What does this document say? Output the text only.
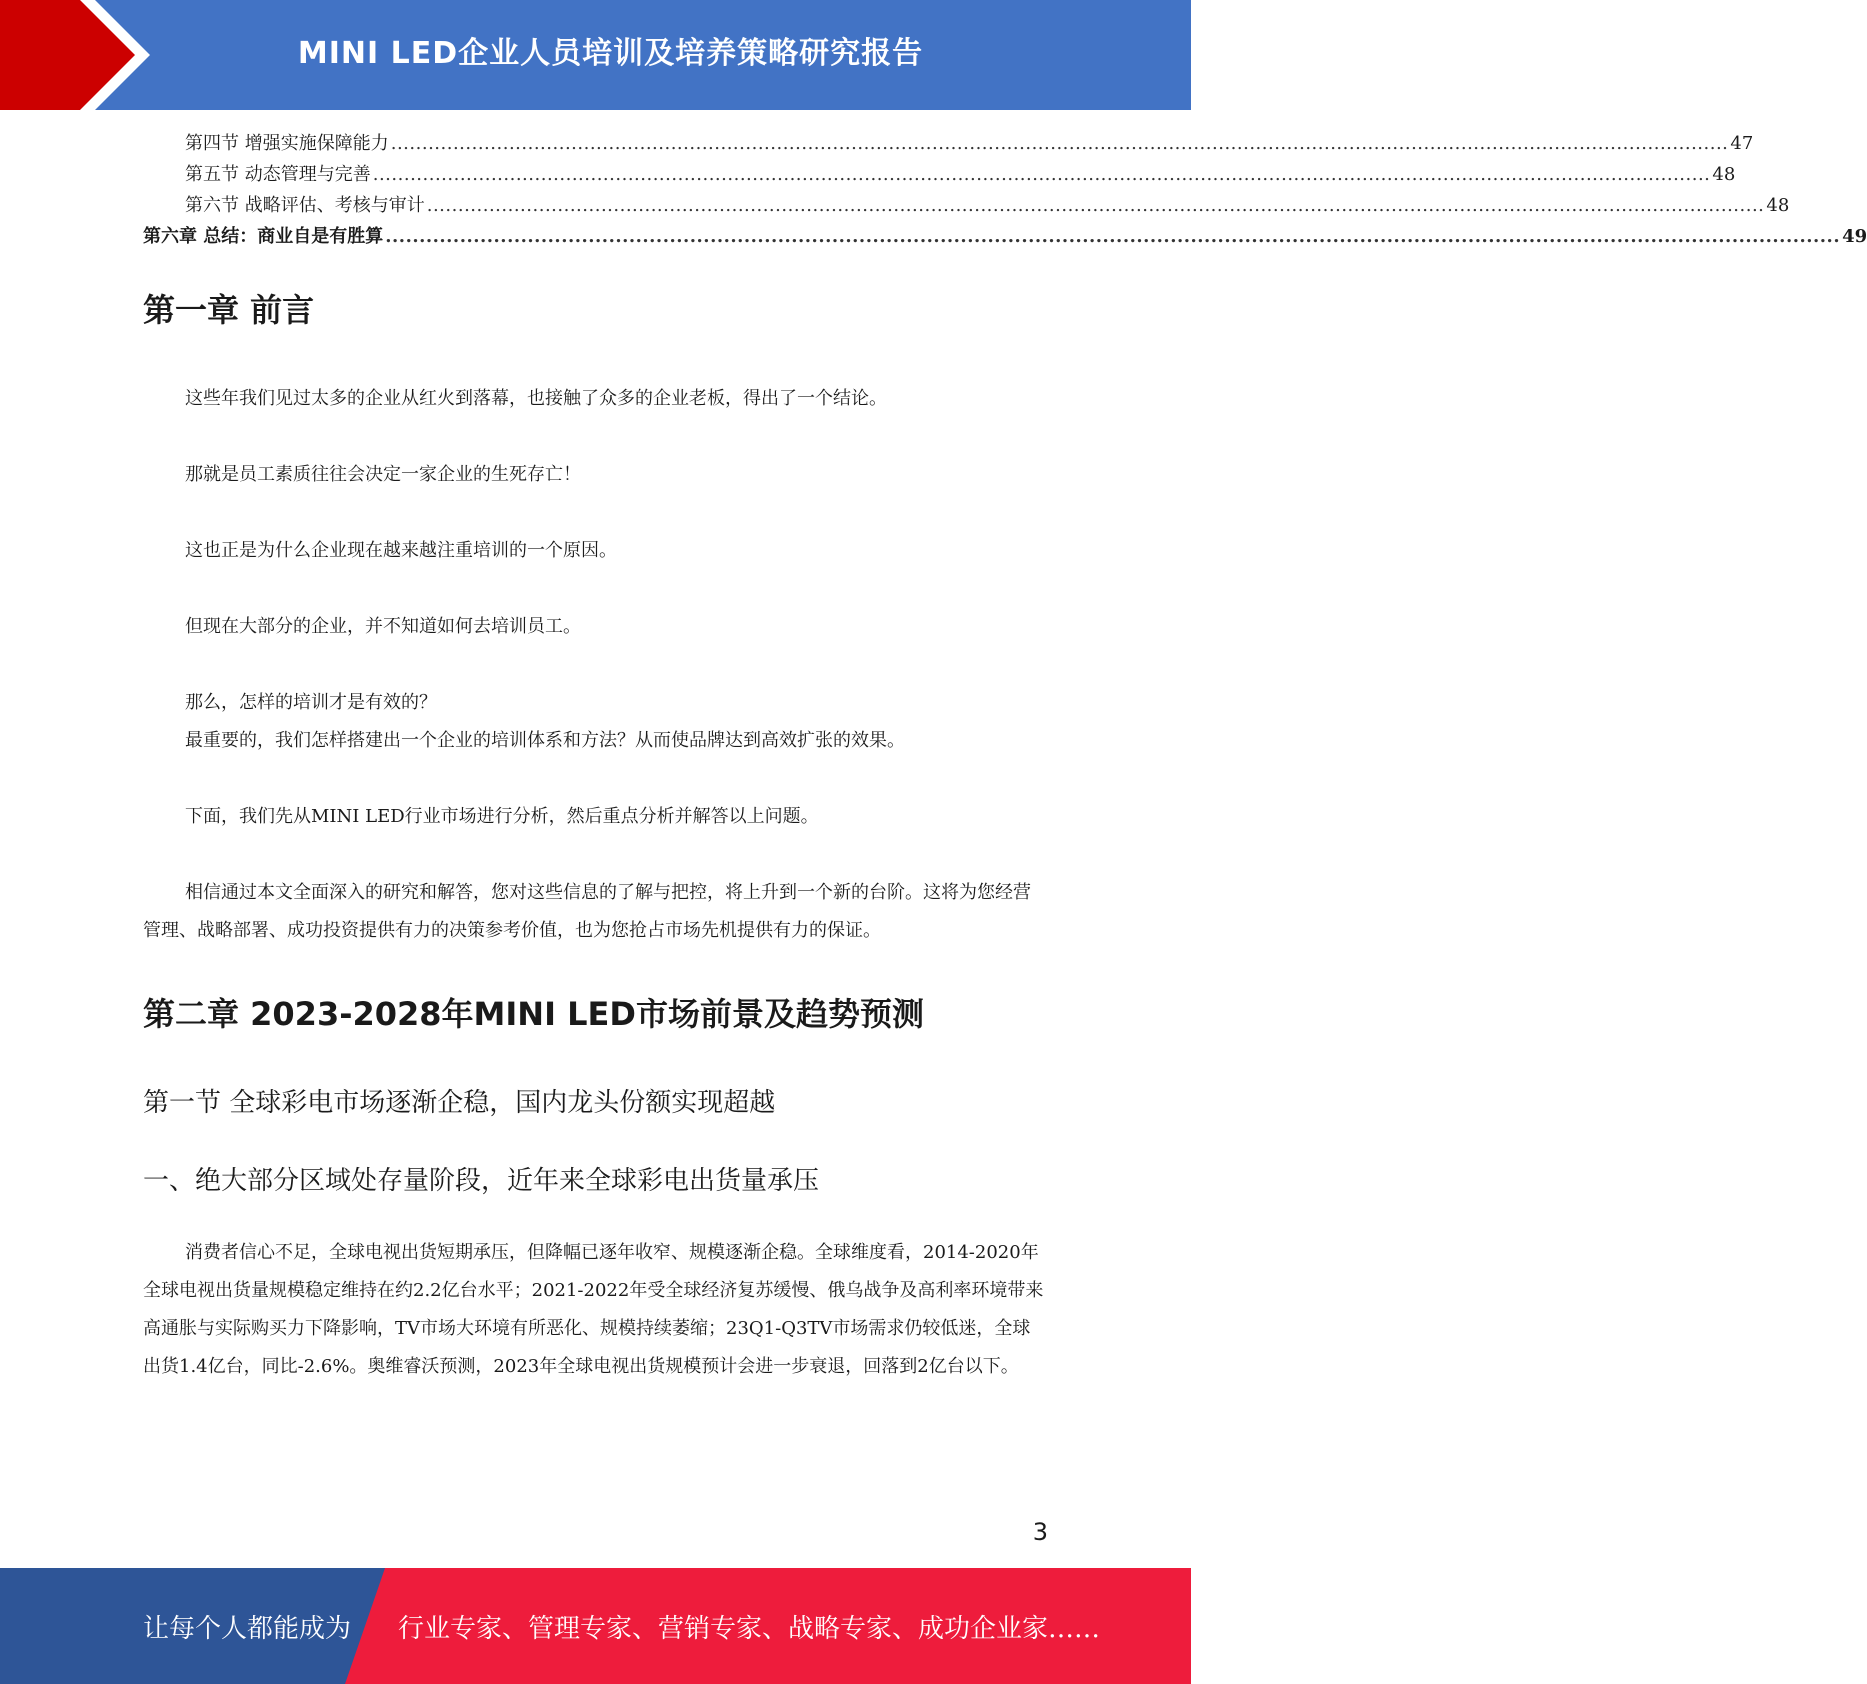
MINI LED企业人员培训及培养策略研究报告
第四节 增强实施保障能力 ....................................................................................................................................................................................................................... 47
第五节 动态管理与完善 ....................................................................................................................................................................................................................... 48
第六节 战略评估、考核与审计 ....................................................................................................................................................................................................................... 48
第六章 总结：商业自是有胜算 ....................................................................................................................................................................................................................... 49
第一章 前言

这些年我们见过太多的企业从红火到落幕，也接触了众多的企业老板，得出了一个结论。

那就是员工素质往往会决定一家企业的生死存亡！

这也正是为什么企业现在越来越注重培训的一个原因。

但现在大部分的企业，并不知道如何去培训员工。

那么，怎样的培训才是有效的？

最重要的，我们怎样搭建出一个企业的培训体系和方法？从而使品牌达到高效扩张的效果。

下面，我们先从MINI LED行业市场进行分析，然后重点分析并解答以上问题。

相信通过本文全面深入的研究和解答，您对这些信息的了解与把控，将上升到一个新的台阶。这将为您经营管理、战略部署、成功投资提供有力的决策参考价值，也为您抢占市场先机提供有力的保证。

第二章 2023-2028年MINI LED市场前景及趋势预测
第一节 全球彩电市场逐渐企稳，国内龙头份额实现超越
一、绝大部分区域处存量阶段，近年来全球彩电出货量承压

消费者信心不足，全球电视出货短期承压，但降幅已逐年收窄、规模逐渐企稳。全球维度看，2014-2020年全球电视出货量规模稳定维持在约2.2亿台水平；2021-2022年受全球经济复苏缓慢、俄乌战争及高利率环境带来高通胀与实际购买力下降影响，TV市场大环境有所恶化、规模持续萎缩；23Q1-Q3TV市场需求仍较低迷，全球出货1.4亿台，同比-2.6%。奥维睿沃预测，2023年全球电视出货规模预计会进一步衰退，回落到2亿台以下。

3
让每个人都能成为 行业专家、管理专家、营销专家、战略专家、成功企业家……
